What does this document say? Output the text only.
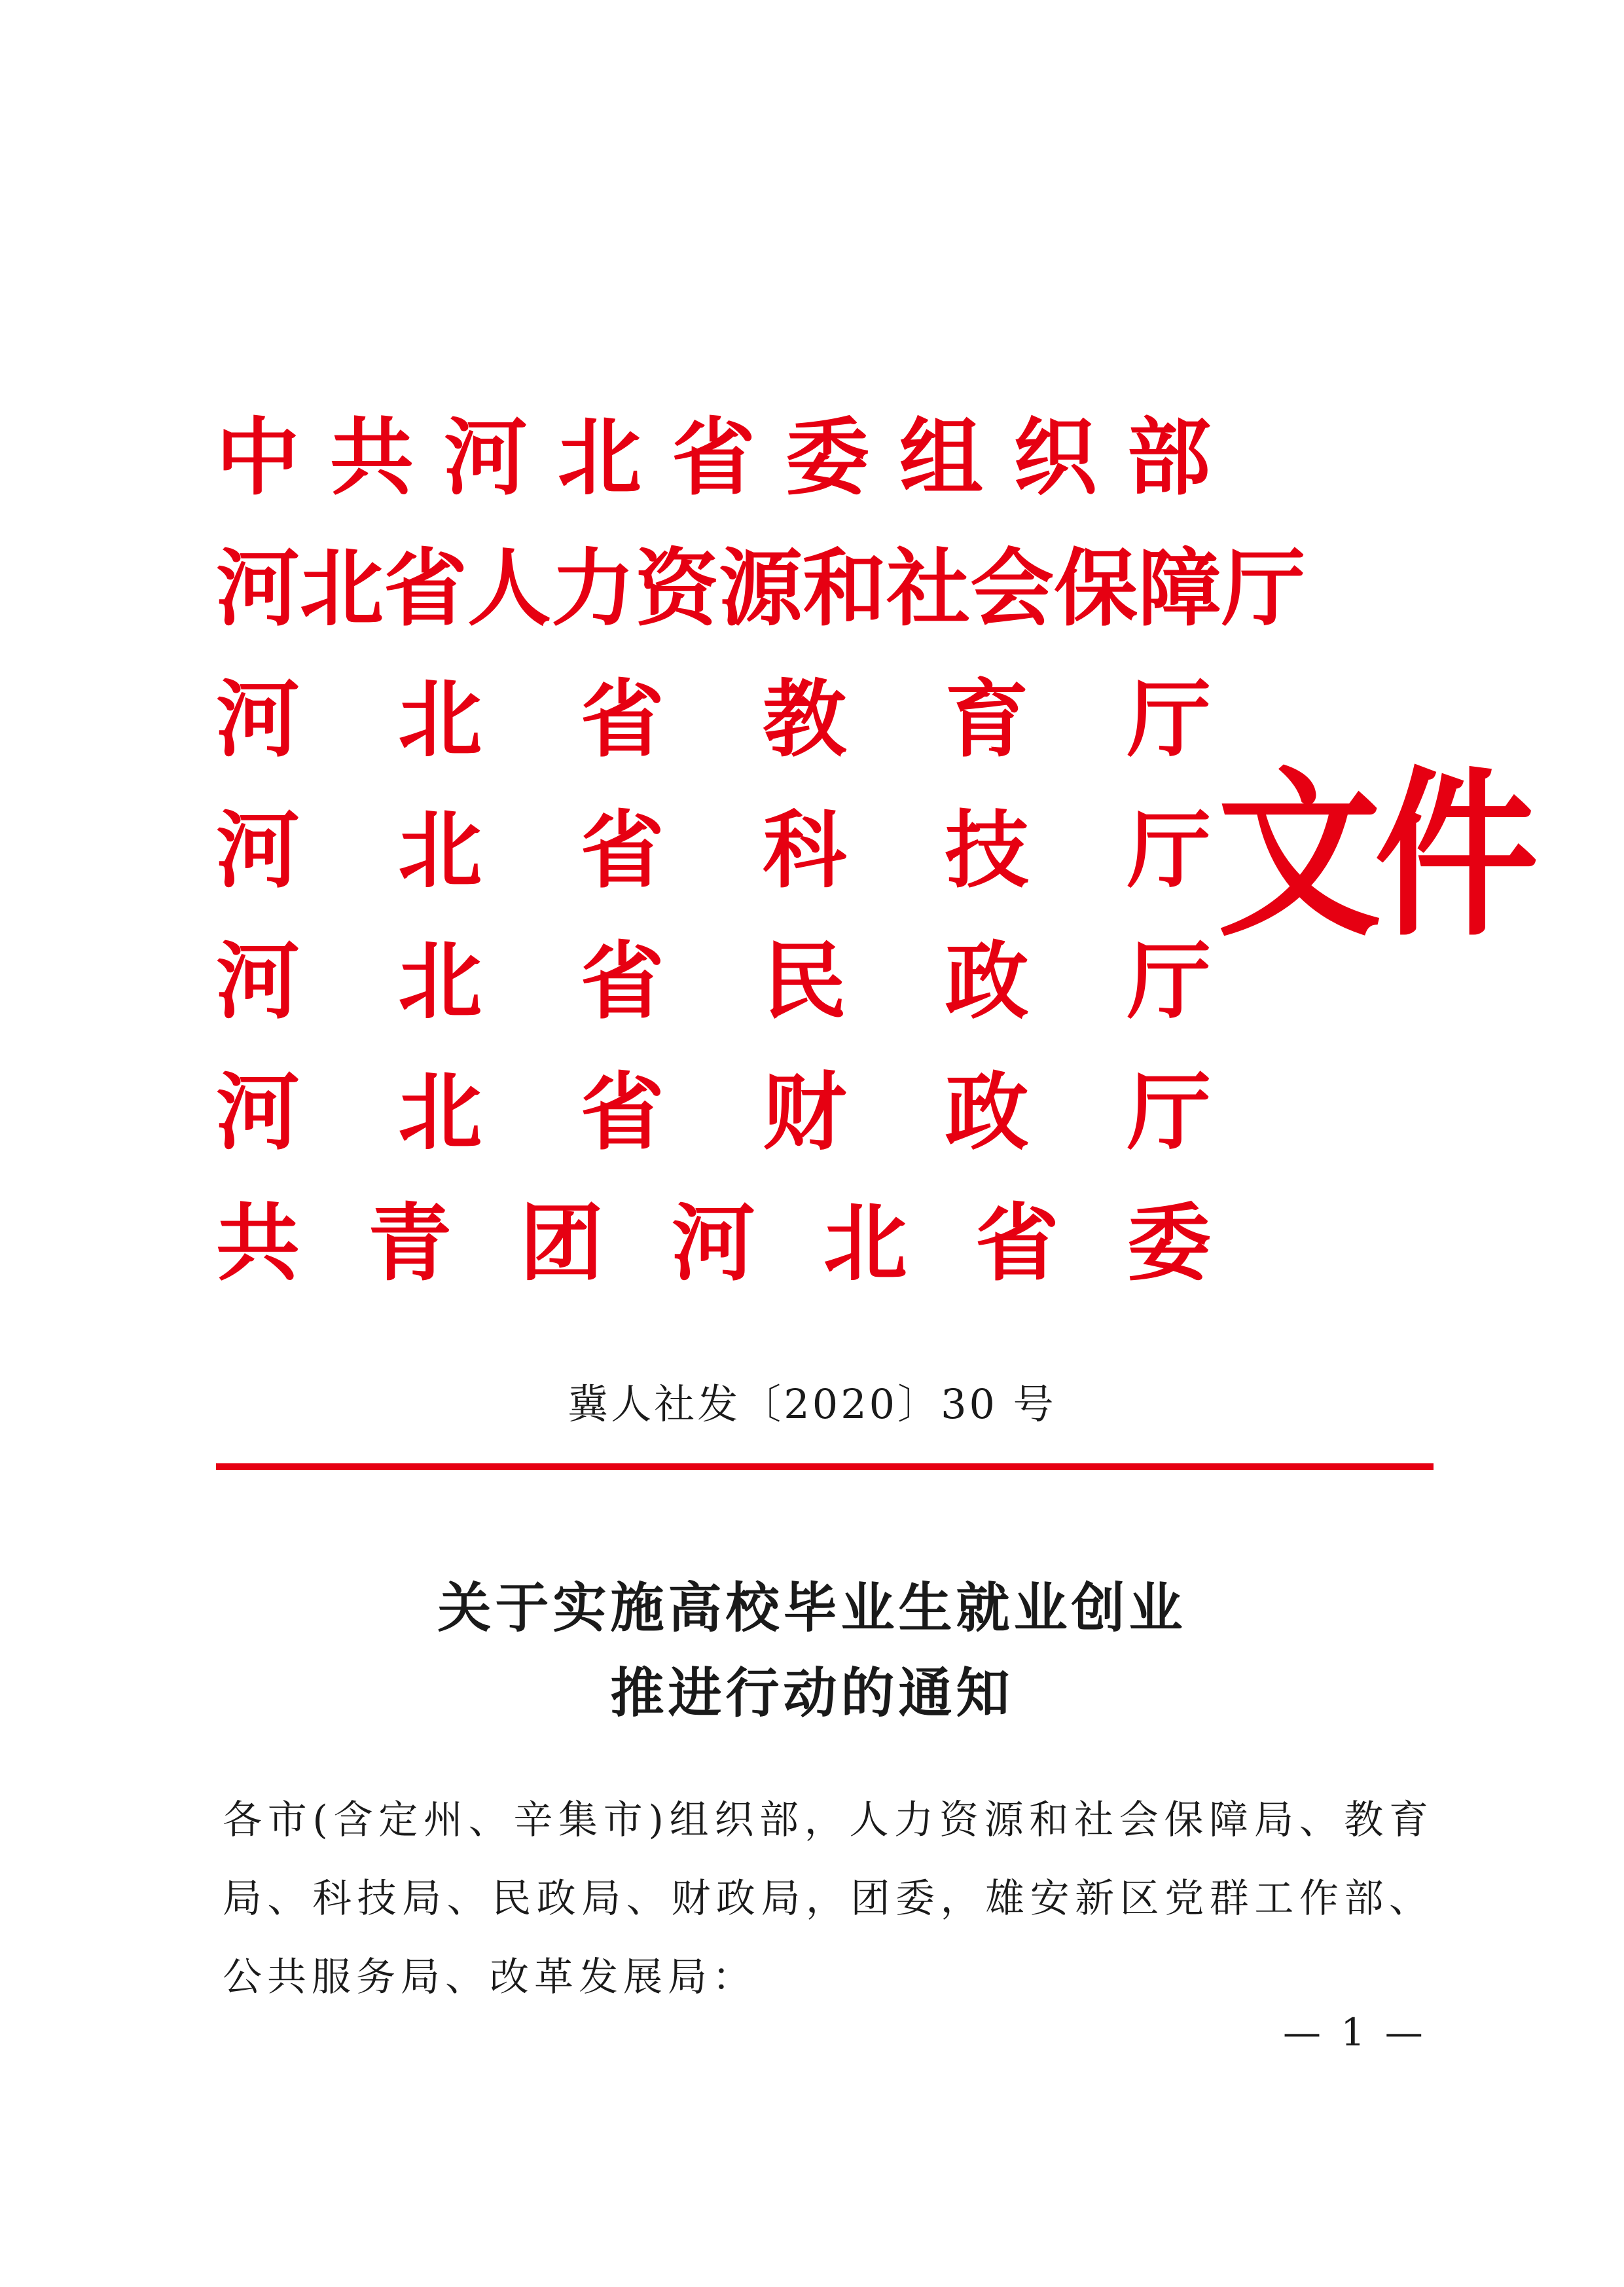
中 共 河 北 省 委 组 织 部
河 北 省 人 力 资 源 和 社 会 保 障 厅
河 北 省 教 育 厅
河 北 省 科 技 厅
河 北 省 民 政 厅
河 北 省 财 政 厅
共 青 团 河 北 省 委
文件
冀人社发〔2020〕30 号
关于实施高校毕业生就业创业
推进行动的通知
各市(含定州、辛集市)组织部，人力资源和社会保障局、教育局、科技局、民政局、财政局，团委，雄安新区党群工作部、公共服务局、改革发展局：
— 1 —
